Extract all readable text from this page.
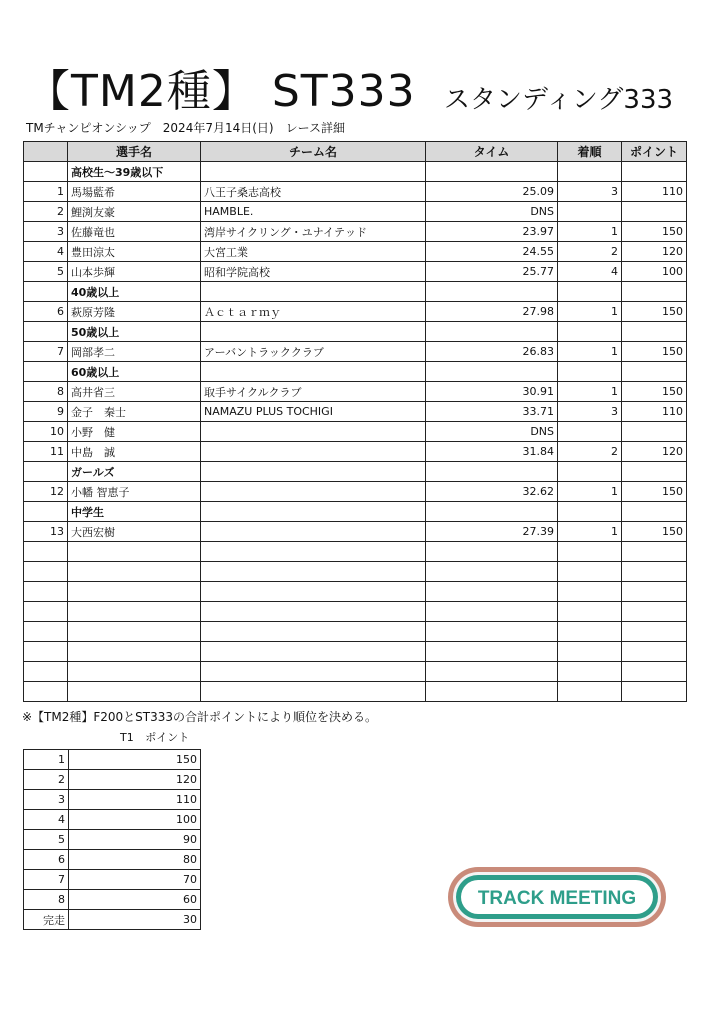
【TM2種】 ST333 スタンディング333
TMチャンピオンシップ　2024年7月14日(日)　レース詳細
	選手名	チーム名	タイム	着順	ポイント
	高校生～39歳以下				
1	馬場藍希	八王子桑志高校	25.09	3	110
2	鯉渕友豪	HAMBLE.	DNS		
3	佐藤竜也	湾岸サイクリング・ユナイテッド	23.97	1	150
4	豊田涼太	大宮工業	24.55	2	120
5	山本歩輝	昭和学院高校	25.77	4	100
	40歳以上				
6	萩原芳隆	Ａｃｔａｒｍｙ	27.98	1	150
	50歳以上				
7	岡部孝二	アーバントラッククラブ	26.83	1	150
	60歳以上				
8	高井省三	取手サイクルクラブ	30.91	1	150
9	金子　秦士	NAMAZU PLUS TOCHIGI	33.71	3	110
10	小野　健		DNS		
11	中島　誠		31.84	2	120
	ガールズ				
12	小幡 智恵子		32.62	1	150
	中学生				
13	大西宏樹		27.39	1	150

※【TM2種】F200とST333の合計ポイントにより順位を決める。
T1 ポイント
1	150
2	120
3	110
4	100
5	90
6	80
7	70
8	60
完走	30
TRACK MEETING
